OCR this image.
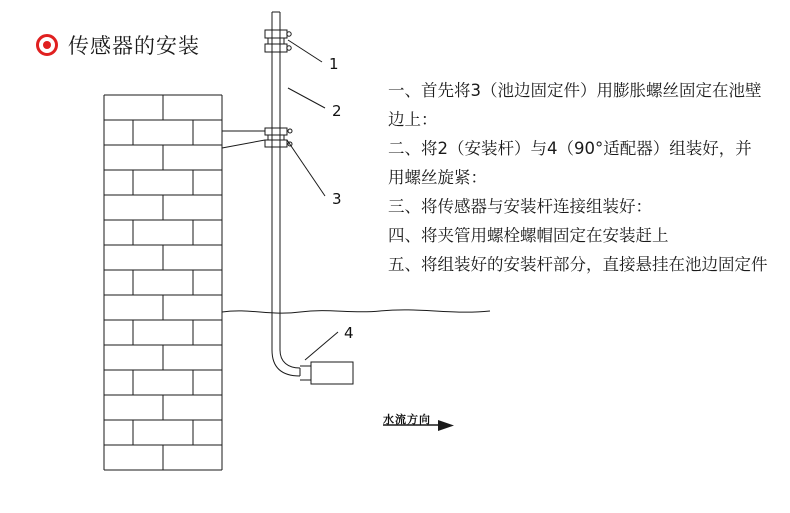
传感器的安装
1
2
3
4
水流方向
一、首先将3（池边固定件）用膨胀螺丝固定在池壁边上：
二、将2（安装杆）与4（90°适配器）组装好，并用螺丝旋紧：
三、将传感器与安装杆连接组装好：
四、将夹管用螺栓螺帽固定在安装赶上
五、将组装好的安装杆部分，直接悬挂在池边固定件
